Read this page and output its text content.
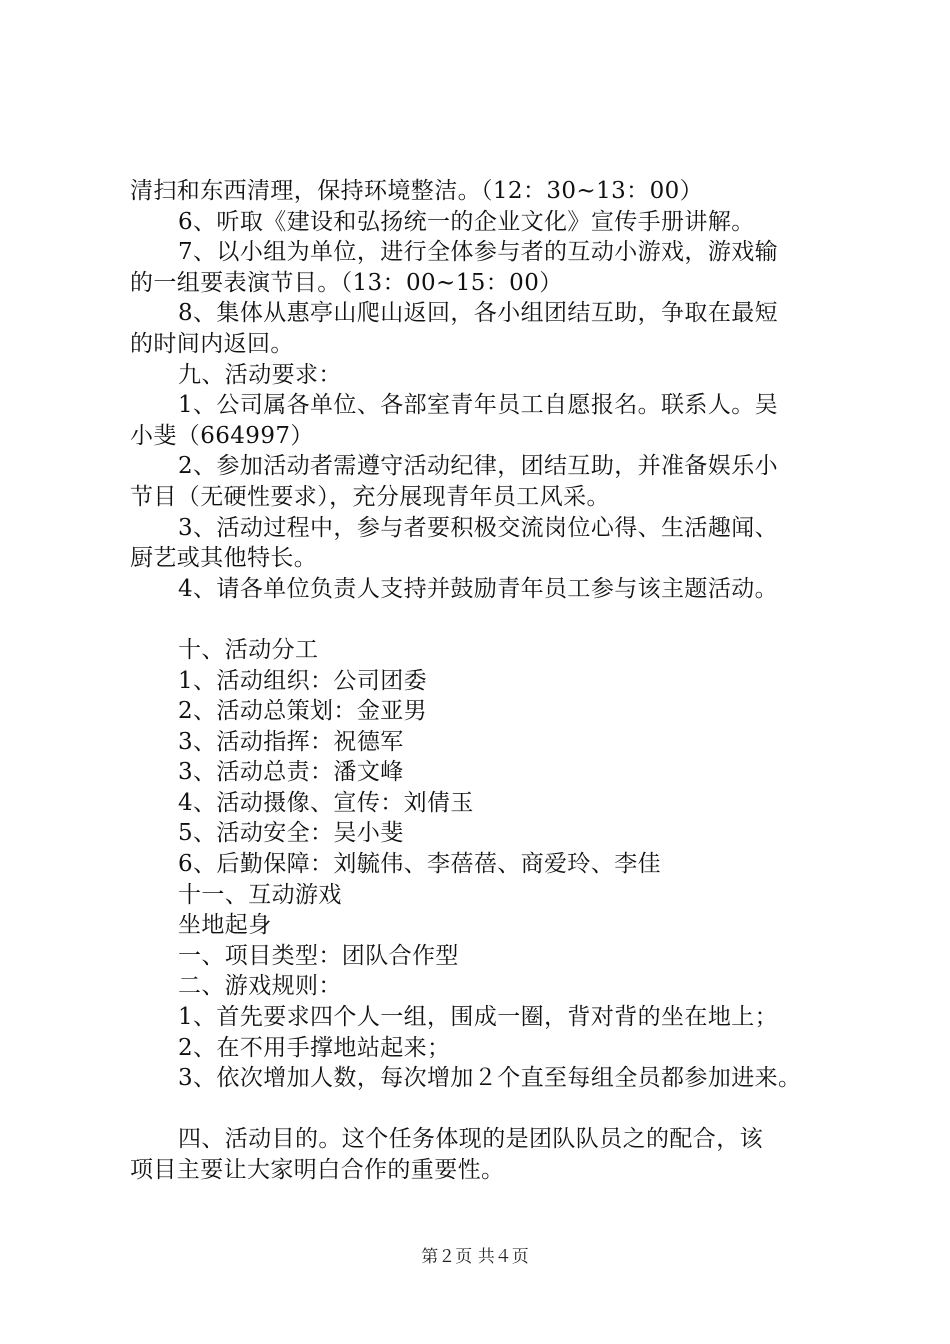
清扫和东西清理，保持环境整洁。（12：30~13：00）
6、听取《建设和弘扬统一的企业文化》宣传手册讲解。
7、以小组为单位，进行全体参与者的互动小游戏，游戏输
的一组要表演节目。（13：00~15：00）
8、集体从惠亭山爬山返回，各小组团结互助，争取在最短
的时间内返回。
九、活动要求：
1、公司属各单位、各部室青年员工自愿报名。联系人。吴
小斐（664997）
2、参加活动者需遵守活动纪律，团结互助，并准备娱乐小
节目（无硬性要求），充分展现青年员工风采。
3、活动过程中，参与者要积极交流岗位心得、生活趣闻、
厨艺或其他特长。
4、请各单位负责人支持并鼓励青年员工参与该主题活动。
十、活动分工
1、活动组织：公司团委
2、活动总策划：金亚男
3、活动指挥：祝德军
3、活动总责：潘文峰
4、活动摄像、宣传：刘倩玉
5、活动安全：吴小斐
6、后勤保障：刘毓伟、李蓓蓓、商爱玲、李佳
十一、互动游戏
坐地起身
一、项目类型：团队合作型
二、游戏规则：
1、首先要求四个人一组，围成一圈，背对背的坐在地上；
2、在不用手撑地站起来；
3、依次增加人数，每次增加２个直至每组全员都参加进来。
四、活动目的。这个任务体现的是团队队员之的配合，该
项目主要让大家明白合作的重要性。
第２页 共４页
